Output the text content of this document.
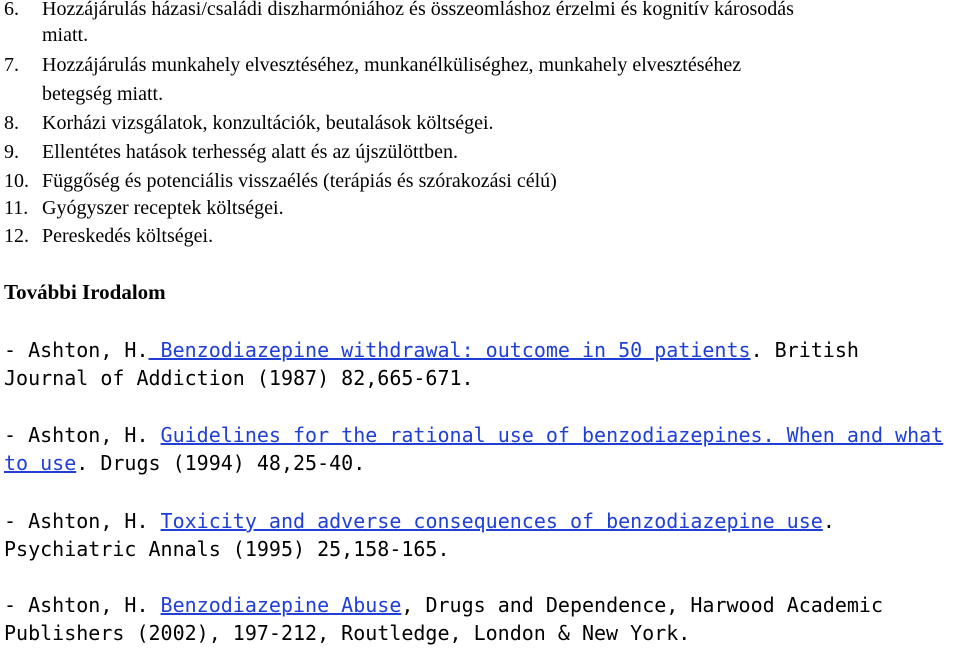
6. Hozzájárulás házasi/családi diszharmóniához és összeomláshoz érzelmi és kognitív károsodás
miatt.
7. Hozzájárulás munkahely elvesztéséhez, munkanélküliséghez, munkahely elvesztéséhez
betegség miatt.
8. Korházi vizsgálatok, konzultációk, beutalások költségei.
9. Ellentétes hatások terhesség alatt és az újszülöttben.
10. Függőség és potenciális visszaélés (terápiás és szórakozási célú)
11. Gyógyszer receptek költségei.
12. Pereskedés költségei.
További Irodalom
- Ashton, H. Benzodiazepine withdrawal: outcome in 50 patients. British Journal of Addiction (1987) 82,665-671.
- Ashton, H. Guidelines for the rational use of benzodiazepines. When and what to use. Drugs (1994) 48,25-40.
- Ashton, H. Toxicity and adverse consequences of benzodiazepine use. Psychiatric Annals (1995) 25,158-165.
- Ashton, H. Benzodiazepine Abuse, Drugs and Dependence, Harwood Academic Publishers (2002), 197-212, Routledge, London & New York.
